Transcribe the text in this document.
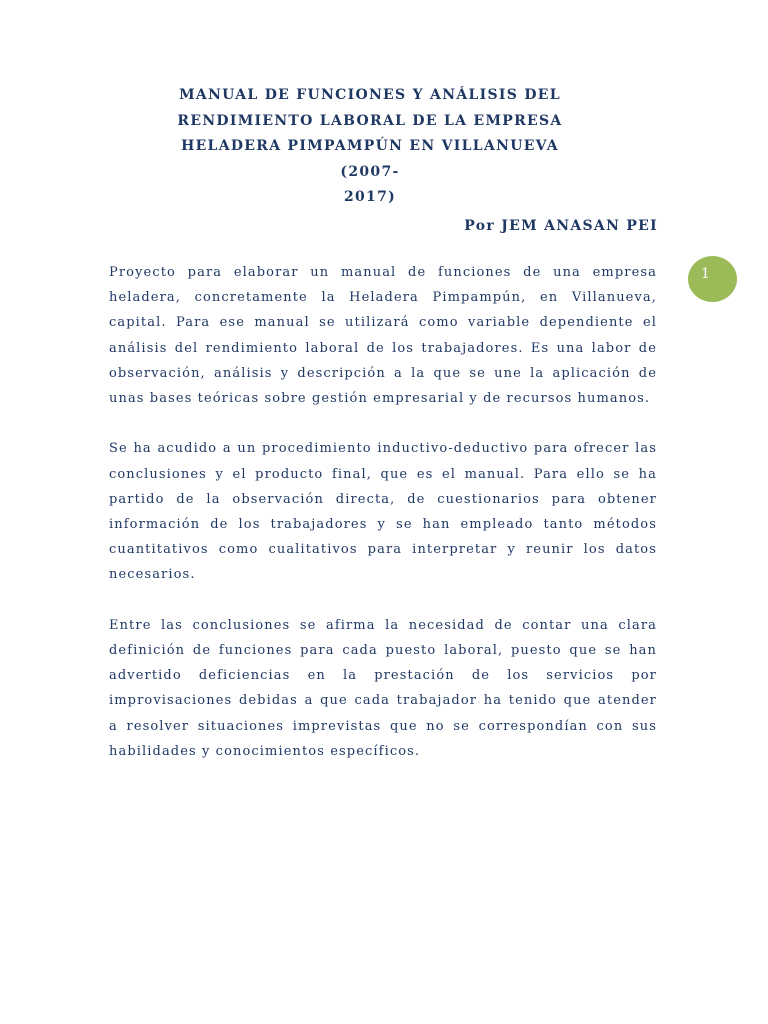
MANUAL DE FUNCIONES Y ANÁLISIS DEL
RENDIMIENTO LABORAL DE LA EMPRESA
HELADERA PIMPAMPÚN EN VILLANUEVA (2007-
2017)
Por JEM ANASAN PEI

Proyecto para elaborar un manual de funciones de una empresa heladera, concretamente la Heladera Pimpampún, en Villanueva, capital. Para ese manual se utilizará como variable dependiente el análisis del rendimiento laboral de los trabajadores. Es una labor de observación, análisis y descripción a la que se une la aplicación de unas bases teóricas sobre gestión empresarial y de recursos humanos.

Se ha acudido a un procedimiento inductivo-deductivo para ofrecer las conclusiones y el producto final, que es el manual. Para ello se ha partido de la observación directa, de cuestionarios para obtener información de los trabajadores y se han empleado tanto métodos cuantitativos como cualitativos para interpretar y reunir los datos necesarios.

Entre las conclusiones se afirma la necesidad de contar una clara definición de funciones para cada puesto laboral, puesto que se han advertido deficiencias en la prestación de los servicios por improvisaciones debidas a que cada trabajador ha tenido que atender a resolver situaciones imprevistas que no se correspondían con sus habilidades y conocimientos específicos.

1
